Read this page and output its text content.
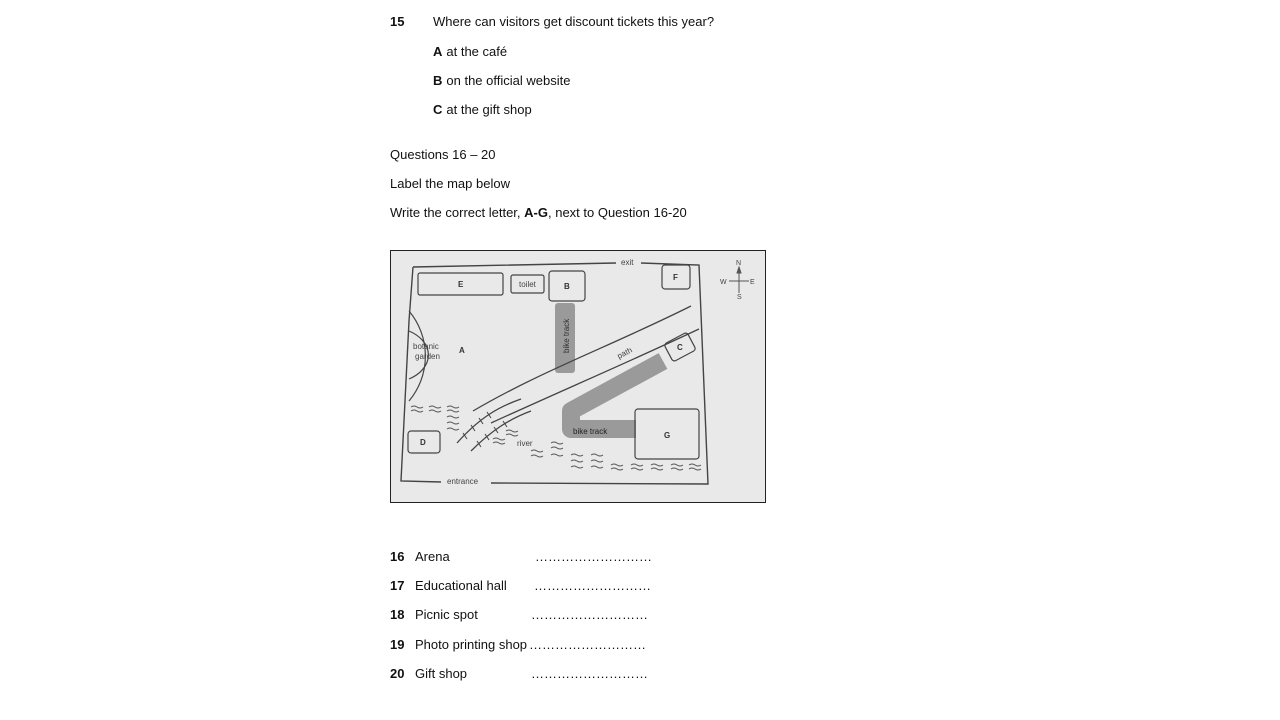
15 Where can visitors get discount tickets this year?
A at the café
B on the official website
C at the gift shop
Questions 16 – 20
Label the map below
Write the correct letter, A-G, next to Question 16-20
exit
entrance
toilet
botanic
garden
bike track
bike track
path
river
A
B
C
D
E
F
G
N
S
E
W
16 Arena	………………………
17 Educational hall ………………………
18 Picnic spot	………………………
19 Photo printing shop ………………………
20 Gift shop	………………………
